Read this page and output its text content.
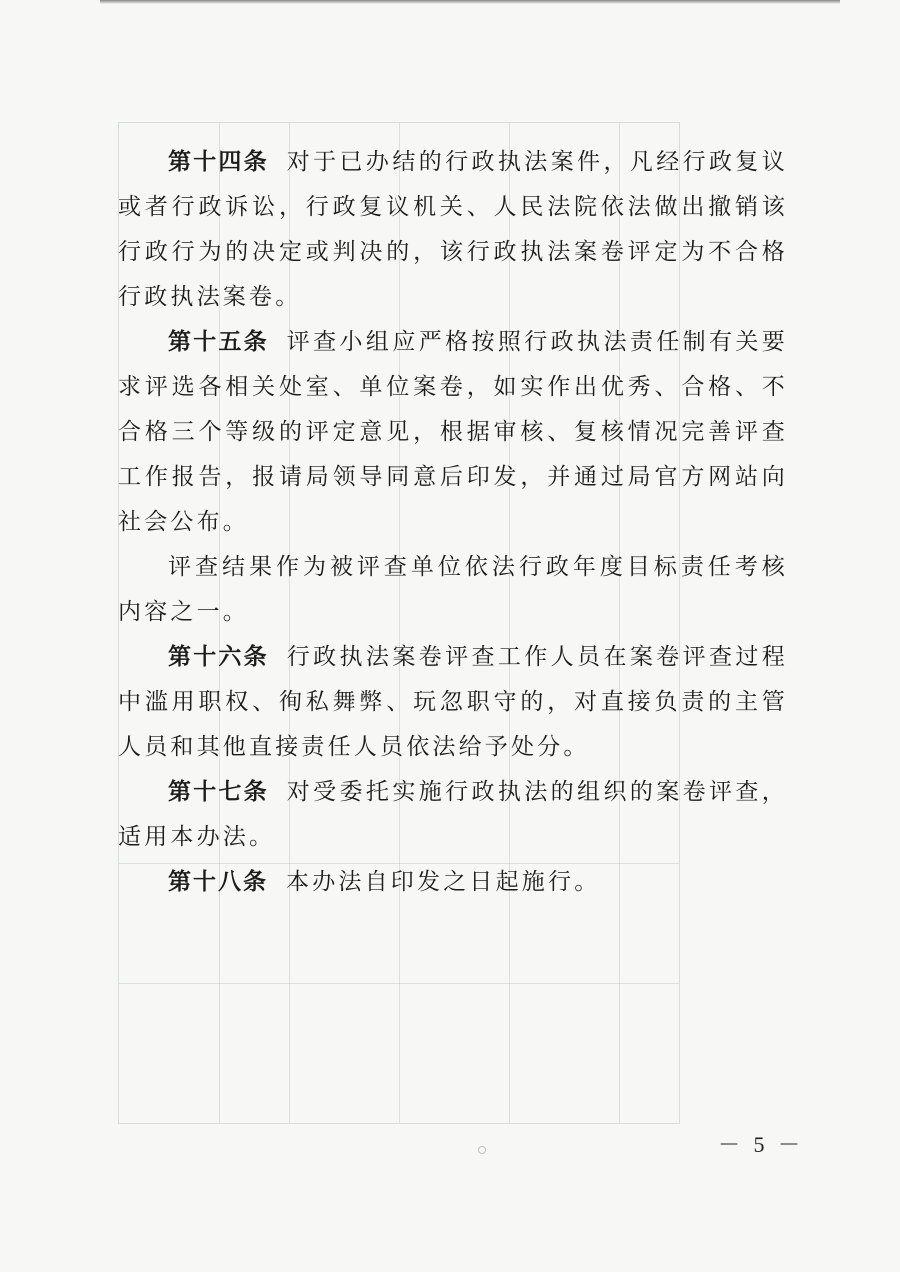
第十四条 对于已办结的行政执法案件，凡经行政复议或者行政诉讼，行政复议机关、人民法院依法做出撤销该行政行为的决定或判决的，该行政执法案卷评定为不合格行政执法案卷。

第十五条 评查小组应严格按照行政执法责任制有关要求评选各相关处室、单位案卷，如实作出优秀、合格、不合格三个等级的评定意见，根据审核、复核情况完善评查工作报告，报请局领导同意后印发，并通过局官方网站向社会公布。

评查结果作为被评查单位依法行政年度目标责任考核内容之一。

第十六条 行政执法案卷评查工作人员在案卷评查过程中滥用职权、徇私舞弊、玩忽职守的，对直接负责的主管人员和其他直接责任人员依法给予处分。

第十七条 对受委托实施行政执法的组织的案卷评查，适用本办法。

第十八条 本办法自印发之日起施行。

－ 5 －
